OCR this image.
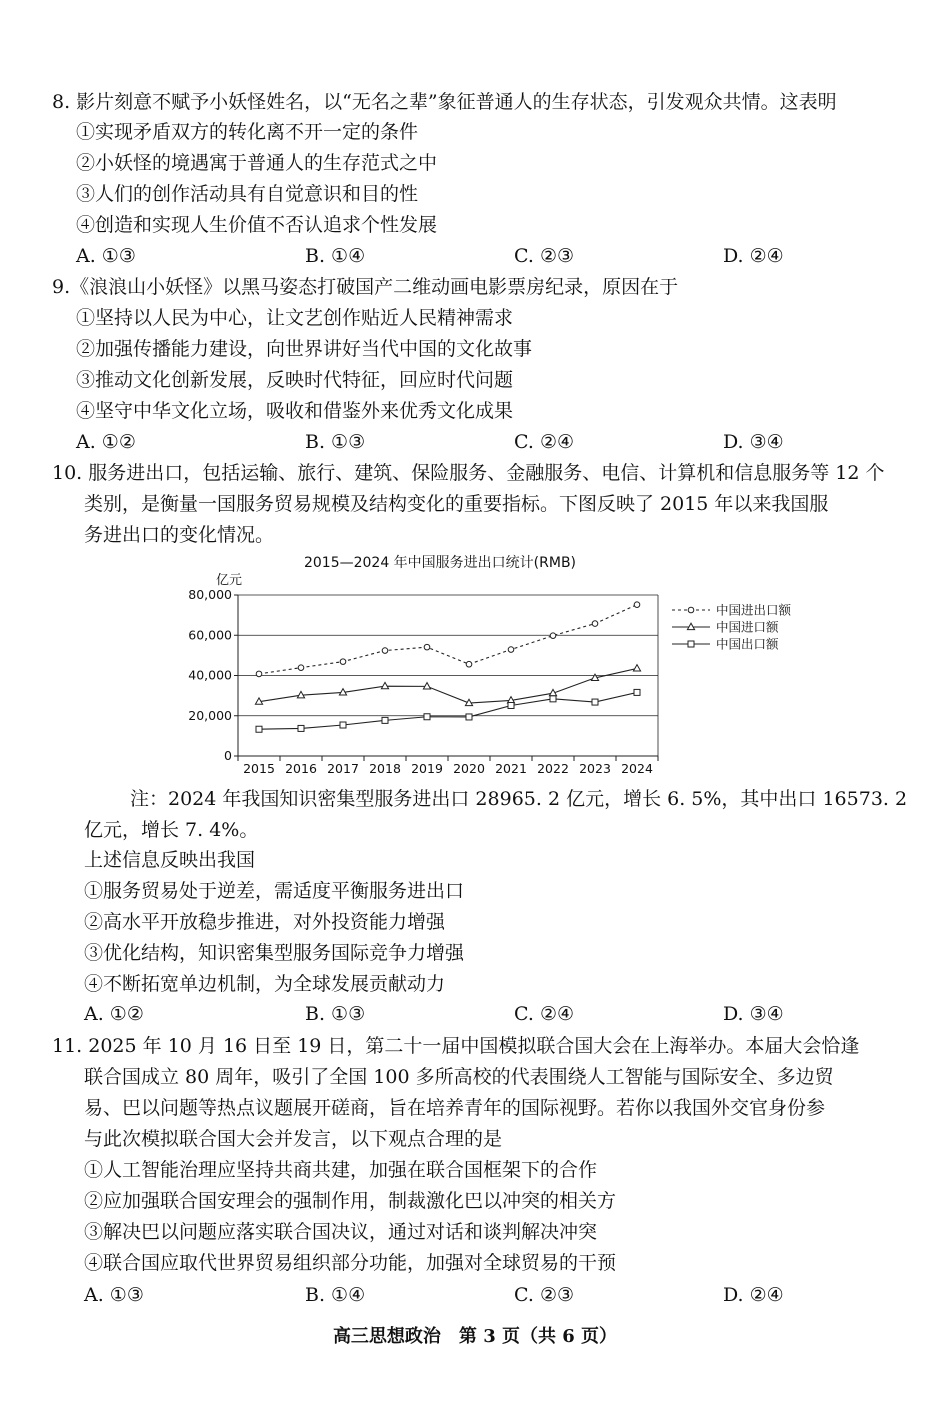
8. 影片刻意不赋予小妖怪姓名，以“无名之辈”象征普通人的生存状态，引发观众共情。这表明
①实现矛盾双方的转化离不开一定的条件
②小妖怪的境遇寓于普通人的生存范式之中
③人们的创作活动具有自觉意识和目的性
④创造和实现人生价值不否认追求个性发展
A. ①③	B. ①④	C. ②③	D. ②④
9.《浪浪山小妖怪》以黑马姿态打破国产二维动画电影票房纪录，原因在于
①坚持以人民为中心，让文艺创作贴近人民精神需求
②加强传播能力建设，向世界讲好当代中国的文化故事
③推动文化创新发展，反映时代特征，回应时代问题
④坚守中华文化立场，吸收和借鉴外来优秀文化成果
A. ①②	B. ①③	C. ②④	D. ③④
10. 服务进出口，包括运输、旅行、建筑、保险服务、金融服务、电信、计算机和信息服务等 12 个
类别，是衡量一国服务贸易规模及结构变化的重要指标。下图反映了 2015 年以来我国服
务进出口的变化情况。
2015—2024 年中国服务进出口统计(RMB)
亿元
0
20,000
40,000
60,000
80,000
2015 2016 2017 2018 2019 2020 2021 2022 2023 2024
中国进出口额
中国进口额
中国出口额
注：2024 年我国知识密集型服务进出口 28965. 2 亿元，增长 6. 5%，其中出口 16573. 2
亿元，增长 7. 4%。
上述信息反映出我国
①服务贸易处于逆差，需适度平衡服务进出口
②高水平开放稳步推进，对外投资能力增强
③优化结构，知识密集型服务国际竞争力增强
④不断拓宽单边机制，为全球发展贡献动力
A. ①②	B. ①③	C. ②④	D. ③④
11. 2025 年 10 月 16 日至 19 日，第二十一届中国模拟联合国大会在上海举办。本届大会恰逢
联合国成立 80 周年，吸引了全国 100 多所高校的代表围绕人工智能与国际安全、多边贸
易、巴以问题等热点议题展开磋商，旨在培养青年的国际视野。若你以我国外交官身份参
与此次模拟联合国大会并发言，以下观点合理的是
①人工智能治理应坚持共商共建，加强在联合国框架下的合作
②应加强联合国安理会的强制作用，制裁激化巴以冲突的相关方
③解决巴以问题应落实联合国决议，通过对话和谈判解决冲突
④联合国应取代世界贸易组织部分功能，加强对全球贸易的干预
A. ①③	B. ①④	C. ②③	D. ②④
高三思想政治　第 3 页（共 6 页）
